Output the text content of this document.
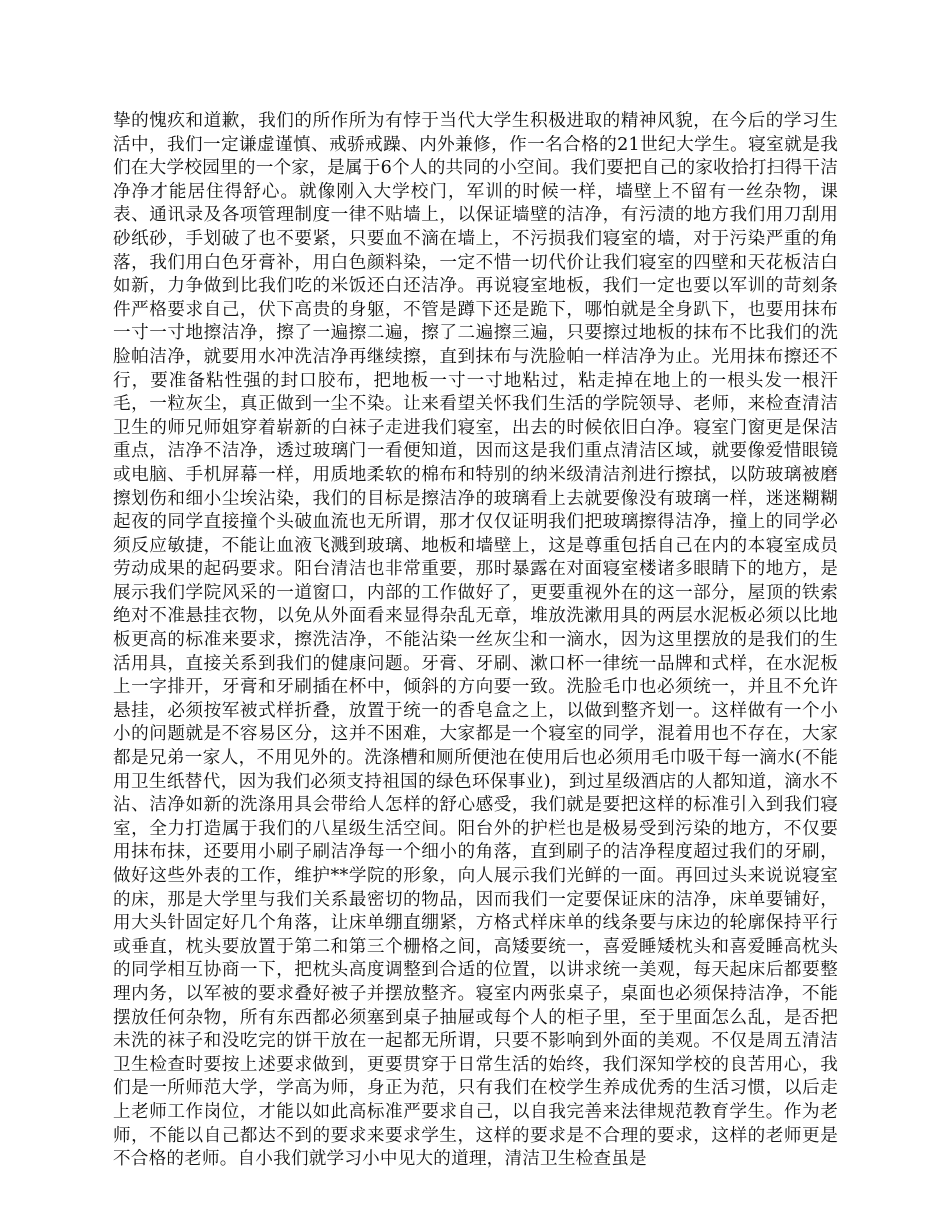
挚的愧疚和道歉，我们的所作所为有悖于当代大学生积极进取的精神风貌，在今后的学习生活中，我们一定谦虚谨慎、戒骄戒躁、内外兼修，作一名合格的21世纪大学生。寝室就是我们在大学校园里的一个家，是属于6个人的共同的小空间。我们要把自己的家收拾打扫得干洁净净才能居住得舒心。就像刚入大学校门，军训的时候一样，墙壁上不留有一丝杂物，课表、通讯录及各项管理制度一律不贴墙上，以保证墙壁的洁净，有污渍的地方我们用刀刮用砂纸砂，手划破了也不要紧，只要血不滴在墙上，不污损我们寝室的墙，对于污染严重的角落，我们用白色牙膏补，用白色颜料染，一定不惜一切代价让我们寝室的四壁和天花板洁白如新，力争做到比我们吃的米饭还白还洁净。再说寝室地板，我们一定也要以军训的苛刻条件严格要求自己，伏下高贵的身躯，不管是蹲下还是跪下，哪怕就是全身趴下，也要用抹布一寸一寸地擦洁净，擦了一遍擦二遍，擦了二遍擦三遍，只要擦过地板的抹布不比我们的洗脸帕洁净，就要用水冲洗洁净再继续擦，直到抹布与洗脸帕一样洁净为止。光用抹布擦还不行，要准备粘性强的封口胶布，把地板一寸一寸地粘过，粘走掉在地上的一根头发一根汗毛，一粒灰尘，真正做到一尘不染。让来看望关怀我们生活的学院领导、老师，来检查清洁卫生的师兄师姐穿着崭新的白袜子走进我们寝室，出去的时候依旧白净。寝室门窗更是保洁重点，洁净不洁净，透过玻璃门一看便知道，因而这是我们重点清洁区域，就要像爱惜眼镜或电脑、手机屏幕一样，用质地柔软的棉布和特别的纳米级清洁剂进行擦拭，以防玻璃被磨擦划伤和细小尘埃沾染，我们的目标是擦洁净的玻璃看上去就要像没有玻璃一样，迷迷糊糊起夜的同学直接撞个头破血流也无所谓，那才仅仅证明我们把玻璃擦得洁净，撞上的同学必须反应敏捷，不能让血液飞溅到玻璃、地板和墙壁上，这是尊重包括自己在内的本寝室成员劳动成果的起码要求。阳台清洁也非常重要，那时暴露在对面寝室楼诸多眼睛下的地方，是展示我们学院风采的一道窗口，内部的工作做好了，更要重视外在的这一部分，屋顶的铁索绝对不准悬挂衣物，以免从外面看来显得杂乱无章，堆放洗漱用具的两层水泥板必须以比地板更高的标准来要求，擦洗洁净，不能沾染一丝灰尘和一滴水，因为这里摆放的是我们的生活用具，直接关系到我们的健康问题。牙膏、牙刷、漱口杯一律统一品牌和式样，在水泥板上一字排开，牙膏和牙刷插在杯中，倾斜的方向要一致。洗脸毛巾也必须统一，并且不允许悬挂，必须按军被式样折叠，放置于统一的香皂盒之上，以做到整齐划一。这样做有一个小小的问题就是不容易区分，这并不困难，大家都是一个寝室的同学，混着用也不存在，大家都是兄弟一家人，不用见外的。洗涤槽和厕所便池在使用后也必须用毛巾吸干每一滴水(不能用卫生纸替代，因为我们必须支持祖国的绿色环保事业)，到过星级酒店的人都知道，滴水不沾、洁净如新的洗涤用具会带给人怎样的舒心感受，我们就是要把这样的标准引入到我们寝室，全力打造属于我们的八星级生活空间。阳台外的护栏也是极易受到污染的地方，不仅要用抹布抹，还要用小刷子刷洁净每一个细小的角落，直到刷子的洁净程度超过我们的牙刷，做好这些外表的工作，维护**学院的形象，向人展示我们光鲜的一面。再回过头来说说寝室的床，那是大学里与我们关系最密切的物品，因而我们一定要保证床的洁净，床单要铺好，用大头针固定好几个角落，让床单绷直绷紧，方格式样床单的线条要与床边的轮廓保持平行或垂直，枕头要放置于第二和第三个栅格之间，高矮要统一，喜爱睡矮枕头和喜爱睡高枕头的同学相互协商一下，把枕头高度调整到合适的位置，以讲求统一美观，每天起床后都要整理内务，以军被的要求叠好被子并摆放整齐。寝室内两张桌子，桌面也必须保持洁净，不能摆放任何杂物，所有东西都必须塞到桌子抽屉或每个人的柜子里，至于里面怎么乱，是否把未洗的袜子和没吃完的饼干放在一起都无所谓，只要不影响到外面的美观。不仅是周五清洁卫生检查时要按上述要求做到，更要贯穿于日常生活的始终，我们深知学校的良苦用心，我们是一所师范大学，学高为师，身正为范，只有我们在校学生养成优秀的生活习惯，以后走上老师工作岗位，才能以如此高标准严要求自己，以自我完善来法律规范教育学生。作为老师，不能以自己都达不到的要求来要求学生，这样的要求是不合理的要求，这样的老师更是不合格的老师。自小我们就学习小中见大的道理，清洁卫生检查虽是
